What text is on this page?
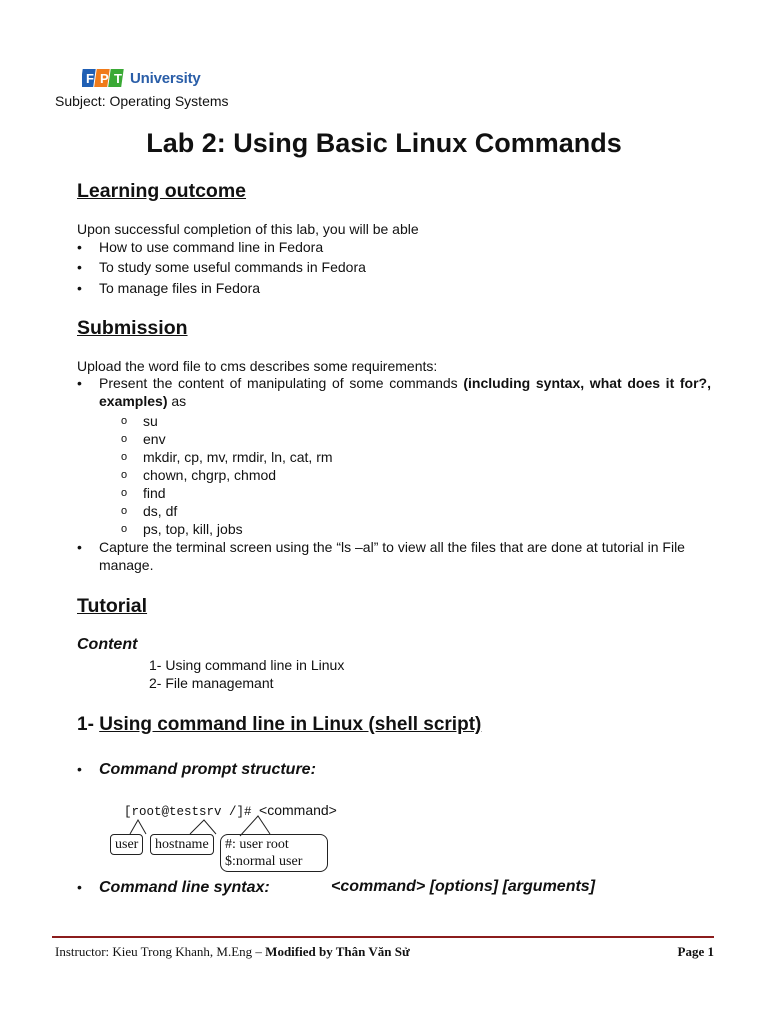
F P T University
Subject: Operating Systems
Lab 2: Using Basic Linux Commands
Learning outcome
Upon successful completion of this lab, you will be able
• How to use command line in Fedora
• To study some useful commands in Fedora
• To manage files in Fedora
Submission
Upload the word file to cms describes some requirements:
• Present the content of manipulating of some commands (including syntax, what does it for?, examples) as
o su
o env
o mkdir, cp, mv, rmdir, ln, cat, rm
o chown, chgrp, chmod
o find
o ds, df
o ps, top, kill, jobs
• Capture the terminal screen using the “ls –al” to view all the files that are done at tutorial in File manage.
Tutorial
Content
1- Using command line in Linux
2- File managemant
1- Using command line in Linux (shell script)
• Command prompt structure:
[root@testsrv /]# <command>
user	hostname	#: user root
$:normal user
• Command line syntax:	<command> [options] [arguments]
Instructor: Kieu Trong Khanh, M.Eng – Modified by Thân Văn Sử	Page 1
